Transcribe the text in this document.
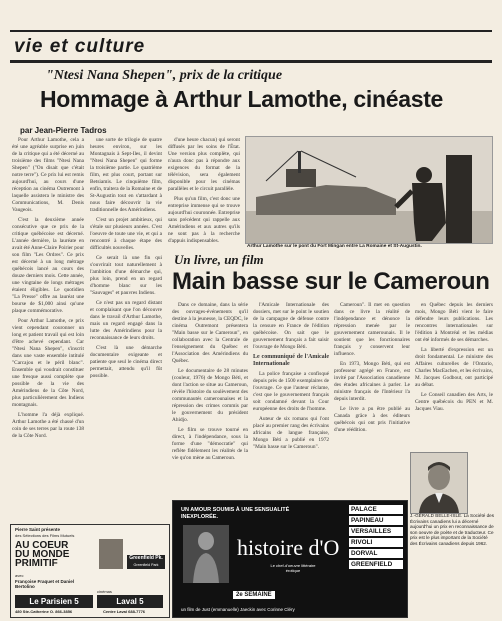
vie et culture
"Ntesi Nana Shepen", prix de la critique
Hommage à Arthur Lamothe, cinéaste
par Jean-Pierre Tadros

Pour Arthur Lamothe, cela a été une agréable surprise en juin de la critique qui a été décerné au troisième des films "Ntesi Nana Shepen" ("On disait que c'était notre terre"). Ce prix lui est remis aujourd'hui, au cours d'une réception au cinéma Outremont à laquelle assistera le ministre des Communications, M. Denis Vaugeois.

C'est la deuxième année consécutive que ce prix de la critique québécoise est décerné. L'année dernière, la lauréate en avait été Anne-Claire Poirier pour son film "Les Ordres". Ce prix est décerné à un long métrage québécois lancé au cours des douze derniers mois. Cette année, une vingtaine de longs métrages étaient éligibles. Le quotidien "La Presse" offre au lauréat une bourse de $1,000 ainsi qu'une plaque commémorative.

Pour Arthur Lamothe, ce prix vient cependant couronner un long et patient travail qui est loin d'être achevé cependant. Car "Ntesi Nana Shepen", s'inscrit dans une vaste ensemble intitulé "Carcajou et le péril blanc". Ensemble qui voudrait constituer une fresque aussi complète que possible de la vie des Amérindiens de la Côte Nord, plus particulièrement des Indiens montagnais.

L'homme l'a déjà expliqué. Arthur Lamothe a été chassé d'un coin de ses terres par la route 138 de la Côte Nord.

une sorte de trilogie de quatre heures environ, sur les Montagnais à Sept-Iles, il devint "Ntesi Nana Shepen" qui forme la troisième partie. Le quatrième film, est plus court, portant sur Betsiamis. Le cinquième film, enfin, traitera de la Romaine et de St-Augustin tout en s'attardant à nous faire découvrir la vie traditionnelle des Amérindiens.

C'est un projet ambitieux, qui s'étale sur plusieurs années. C'est l'oeuvre de toute une vie, et qui a rencontré à chaque étape des difficultés nouvelles.

Ce serait là une fin qui s'ouvrirait tout naturellement à l'ambition d'une démarche qui, plus loin, prend en un regard d'homme blanc sur les "Sauvages" et pauvres Indiens.

Ce n'est pas un regard distant et complaisant que l'on découvre dans le travail d'Arthur Lamothe, mais un regard engagé dans la lutte des Amérindiens pour la reconnaissance de leurs droits.

C'est là une démarche documentaire exigeante et patiente que seul le cinéma direct permettait, attendu qu'il fût possible.

d'une heure chacun) qui seront diffusés par les soins de l'État. Une version plus complète, qui n'aura donc pas à répondre aux exigences du format de la télévision, sera également disponible pour les cinémas parallèles et le circuit parallèle.

Plus qu'un film, c'est donc une entreprise immense qui se trouve aujourd'hui couronnée. Entreprise sans précédent qui rappelle aux Amérindiens et aux autres qu'ils ne sont pas à la recherche d'appuis indispensables.

Arthur Lamothe sur le pont du Fort Mingan entre La Romaine et St-Augustin.
Un livre, un film
Main basse sur le Cameroun

Dans ce domaine, dans la série des ouvrages-événements qu'il destine à la jeunesse, la CEQDC, le cinéma Outremont présentera "Main basse sur le Cameroun", en collaboration avec la Centrale de l'enseignement du Québec et l'Association des Amérindiens du Québec.

Le documentaire de 28 minutes (couleur, 1976) de Mongo Béti, et dont l'action se situe au Cameroun, révèle l'histoire du soulèvement des communautés camerounaises et la répression des crimes commis par le gouvernement du président Ahidjo.

Le film se trouve tourné en direct, à l'indépendance, sous la forme d'une "démocratie" qui reflète fidèlement les réalités de la vie qu'on mène au Cameroun.

l'Amicale Internationale des dossiers, met sur le point le soutien de la campagne de défense contre la censure en France de l'édition québécoise. On sait que le gouvernement français a fait saisir l'ouvrage de Mongo Béti.

Le communiqué de l'Amicale Internationale

La police française a confisqué depuis près de 1500 exemplaires de l'ouvrage. Ce que l'auteur réclame, c'est que le gouvernement français soit condamné devant la Cour européenne des droits de l'homme.

Auteur de six romans qui l'ont placé au premier rang des écrivains africains de langue française, Mongo Béti a publié en 1972 "Main basse sur le Cameroun".

Cameroun". Il met en question dans ce livre la réalité de l'indépendance et dénonce la répression menée par le gouvernement camerounais. Il le soutient que les fonctionnaires français y conservent leur influence.

En 1973, Mongo Béti, qui est professeur agrégé en France, est invité par l'Association canadienne des études africaines à parler. Le ministre français de l'Intérieur l'a depuis interdit.

Le livre a pu être publié au Canada grâce à des éditeurs québécois qui ont pris l'initiative d'une réédition.

en Québec depuis les derniers mois, Mongo Béti vient le faire défendre leurs publications. Les rencontres internationales sur l'édition à Montréal et les médias ont été informés de ses démarches.

La liberté d'expression est un droit fondamental. Le ministre des Affaires culturelles de l'Ontario, Charles MacEachen, et les écrivains, M. Jacques Godbout, ont participé au débat.

Le Conseil canadien des Arts, le Centre québécois du PEN et M. Jacques Viau.

J.-GÉRALD BELLE-ISLE. La Société des Écrivains canadiens lui a décerné aujourd'hui un prix en reconnaissance de son oeuvre de poète et de traducteur. Ce prix est le plus important de la Société des Écrivains canadiens depuis 1962.
Pierre Saint présente
des Sélections des Films Mutuels
AU COEUR
DU MONDE
PRIMITIF
avec
Françoise Fraquet et Daniel Bertolino
Greenfield Pk.
Greenfield Park
Le Parisien 5
cinémas
Laval 5
480 Ste-Catherine O. 866-3856	Centre Laval 688-7776
UN AMOUR SOUMIS À UNE SENSUALITÉ INEXPLORÉE.
histoire d'O
Le chef-d'oeuvre littéraire érotique
2e SEMAINE
un film de Just (emmanuelle) Jaeckin avec Corinne Cléry
PALACE
PAPINEAU
VERSAILLES
RIVOLI
DORVAL
GREENFIELD
